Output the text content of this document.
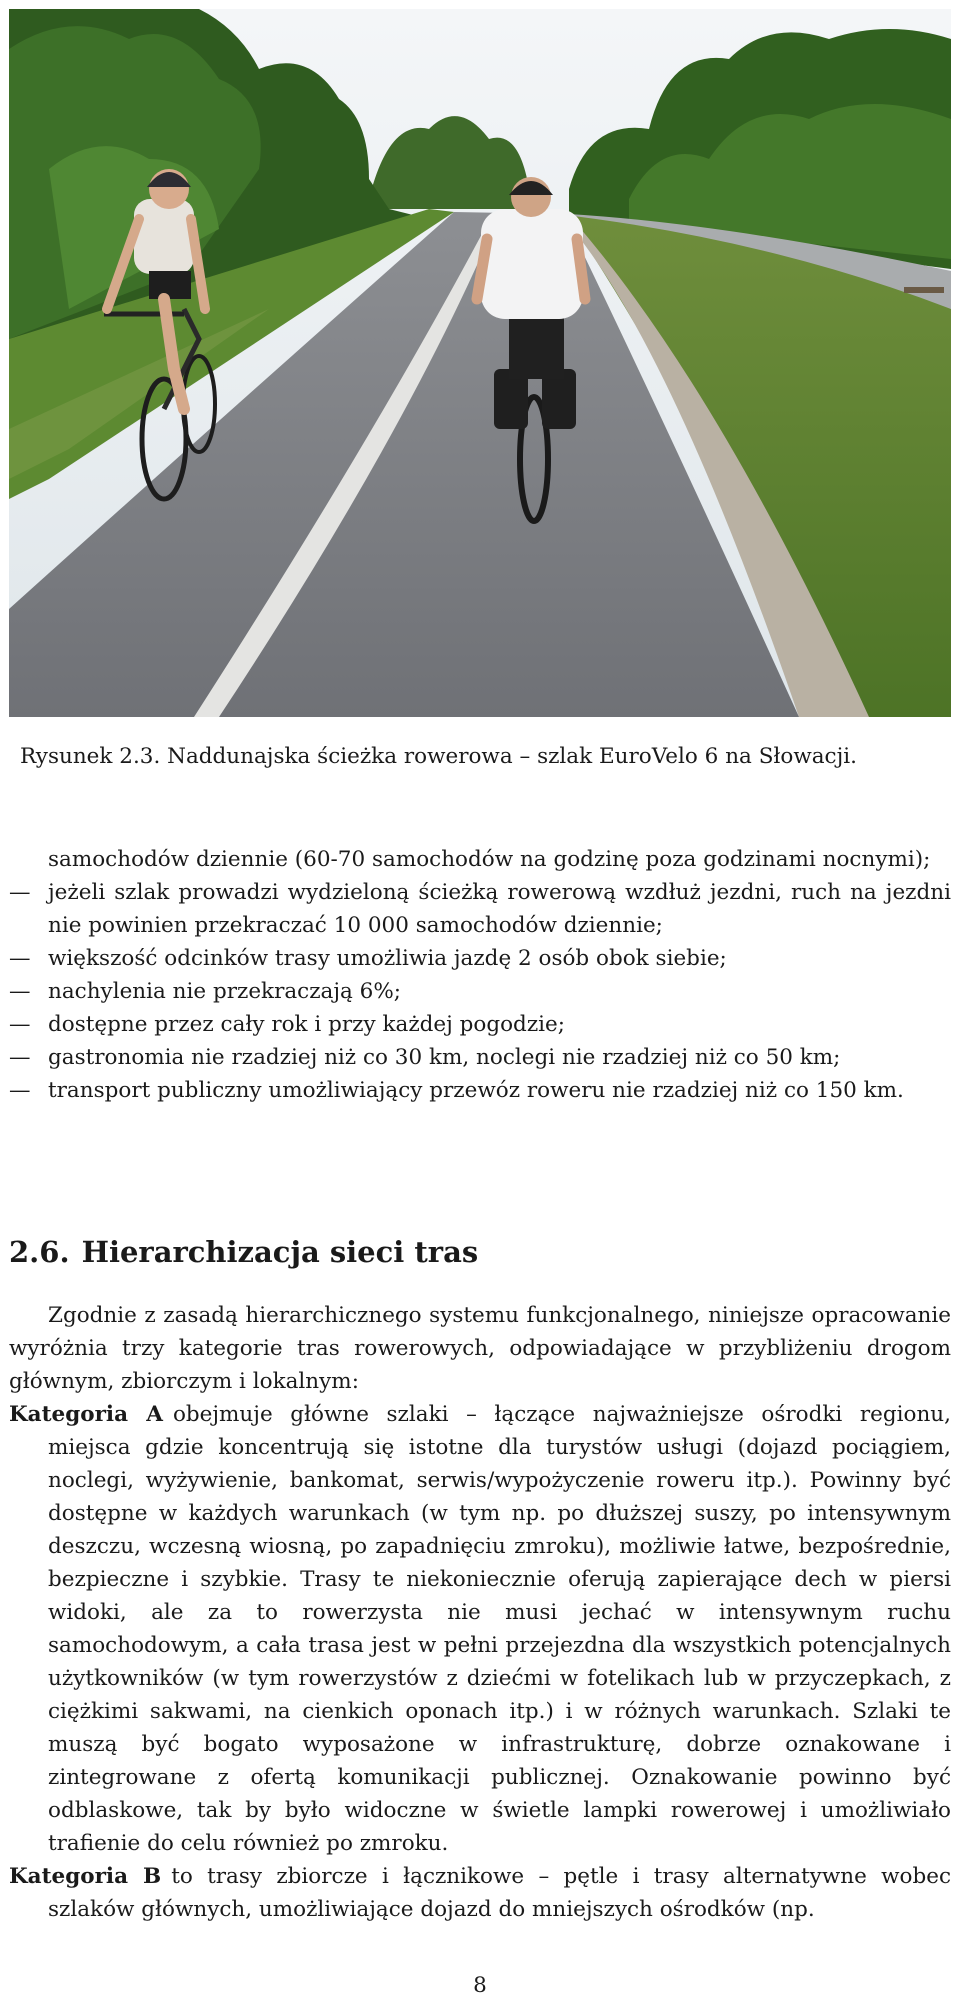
Rysunek 2.3. Naddunajska ścieżka rowerowa – szlak EuroVelo 6 na Słowacji.
samochodów dziennie (60-70 samochodów na godzinę poza godzinami nocnymi);
— jeżeli szlak prowadzi wydzieloną ścieżką rowerową wzdłuż jezdni, ruch na jezdni nie powinien przekraczać 10 000 samochodów dziennie;
— większość odcinków trasy umożliwia jazdę 2 osób obok siebie;
— nachylenia nie przekraczają 6%;
— dostępne przez cały rok i przy każdej pogodzie;
— gastronomia nie rzadziej niż co 30 km, noclegi nie rzadziej niż co 50 km;
— transport publiczny umożliwiający przewóz roweru nie rzadziej niż co 150 km.
2.6. Hierarchizacja sieci tras
Zgodnie z zasadą hierarchicznego systemu funkcjonalnego, niniejsze opracowanie wyróżnia trzy kategorie tras rowerowych, odpowiadające w przybliżeniu drogom głównym, zbiorczym i lokalnym:
Kategoria A obejmuje główne szlaki – łączące najważniejsze ośrodki regionu, miejsca gdzie koncentrują się istotne dla turystów usługi (dojazd pociągiem, noclegi, wyżywienie, bankomat, serwis/wypożyczenie roweru itp.). Powinny być dostępne w każdych warunkach (w tym np. po dłuższej suszy, po intensywnym deszczu, wczesną wiosną, po zapadnięciu zmroku), możliwie łatwe, bezpośrednie, bezpieczne i szybkie. Trasy te niekoniecznie oferują zapierające dech w piersi widoki, ale za to rowerzysta nie musi jechać w intensywnym ruchu samochodowym, a cała trasa jest w pełni przejezdna dla wszystkich potencjalnych użytkowników (w tym rowerzystów z dziećmi w fotelikach lub w przyczepkach, z ciężkimi sakwami, na cienkich oponach itp.) i w różnych warunkach. Szlaki te muszą być bogato wyposażone w infrastrukturę, dobrze oznakowane i zintegrowane z ofertą komunikacji publicznej. Oznakowanie powinno być odblaskowe, tak by było widoczne w świetle lampki rowerowej i umożliwiało trafienie do celu również po zmroku.
Kategoria B to trasy zbiorcze i łącznikowe – pętle i trasy alternatywne wobec szlaków głównych, umożliwiające dojazd do mniejszych ośrodków (np.
8
